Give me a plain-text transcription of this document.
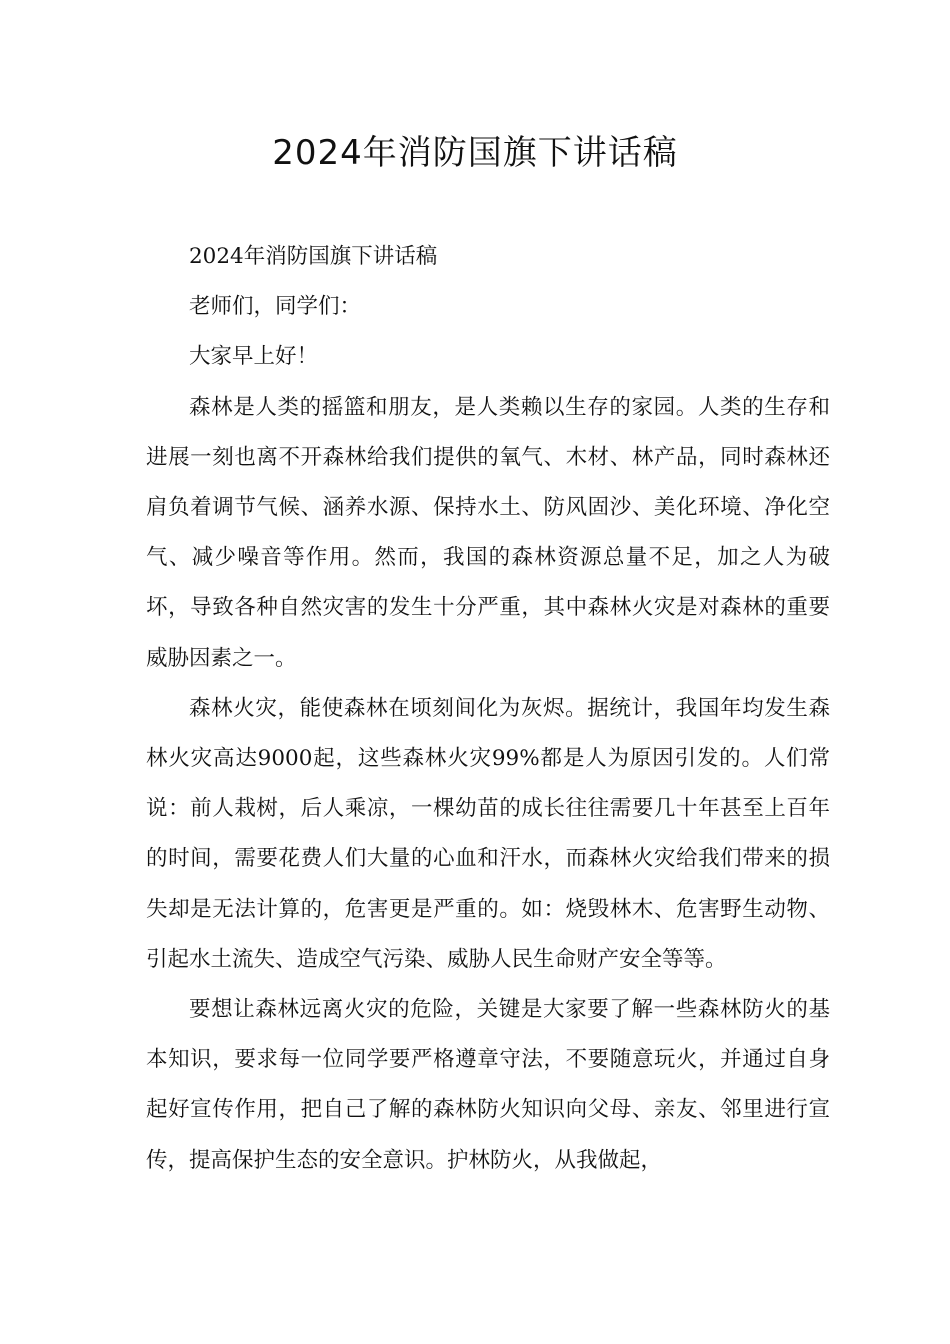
2024年消防国旗下讲话稿

2024年消防国旗下讲话稿

老师们，同学们：

大家早上好！

森林是人类的摇篮和朋友，是人类赖以生存的家园。人类的生存和进展一刻也离不开森林给我们提供的氧气、木材、林产品，同时森林还肩负着调节气候、涵养水源、保持水土、防风固沙、美化环境、净化空气、减少噪音等作用。然而，我国的森林资源总量不足，加之人为破坏，导致各种自然灾害的发生十分严重，其中森林火灾是对森林的重要威胁因素之一。

森林火灾，能使森林在顷刻间化为灰烬。据统计，我国年均发生森林火灾高达9000起，这些森林火灾99%都是人为原因引发的。人们常说：前人栽树，后人乘凉，一棵幼苗的成长往往需要几十年甚至上百年的时间，需要花费人们大量的心血和汗水，而森林火灾给我们带来的损失却是无法计算的，危害更是严重的。如：烧毁林木、危害野生动物、引起水土流失、造成空气污染、威胁人民生命财产安全等等。

要想让森林远离火灾的危险，关键是大家要了解一些森林防火的基本知识，要求每一位同学要严格遵章守法，不要随意玩火，并通过自身起好宣传作用，把自己了解的森林防火知识向父母、亲友、邻里进行宣传，提高保护生态的安全意识。护林防火，从我做起，
